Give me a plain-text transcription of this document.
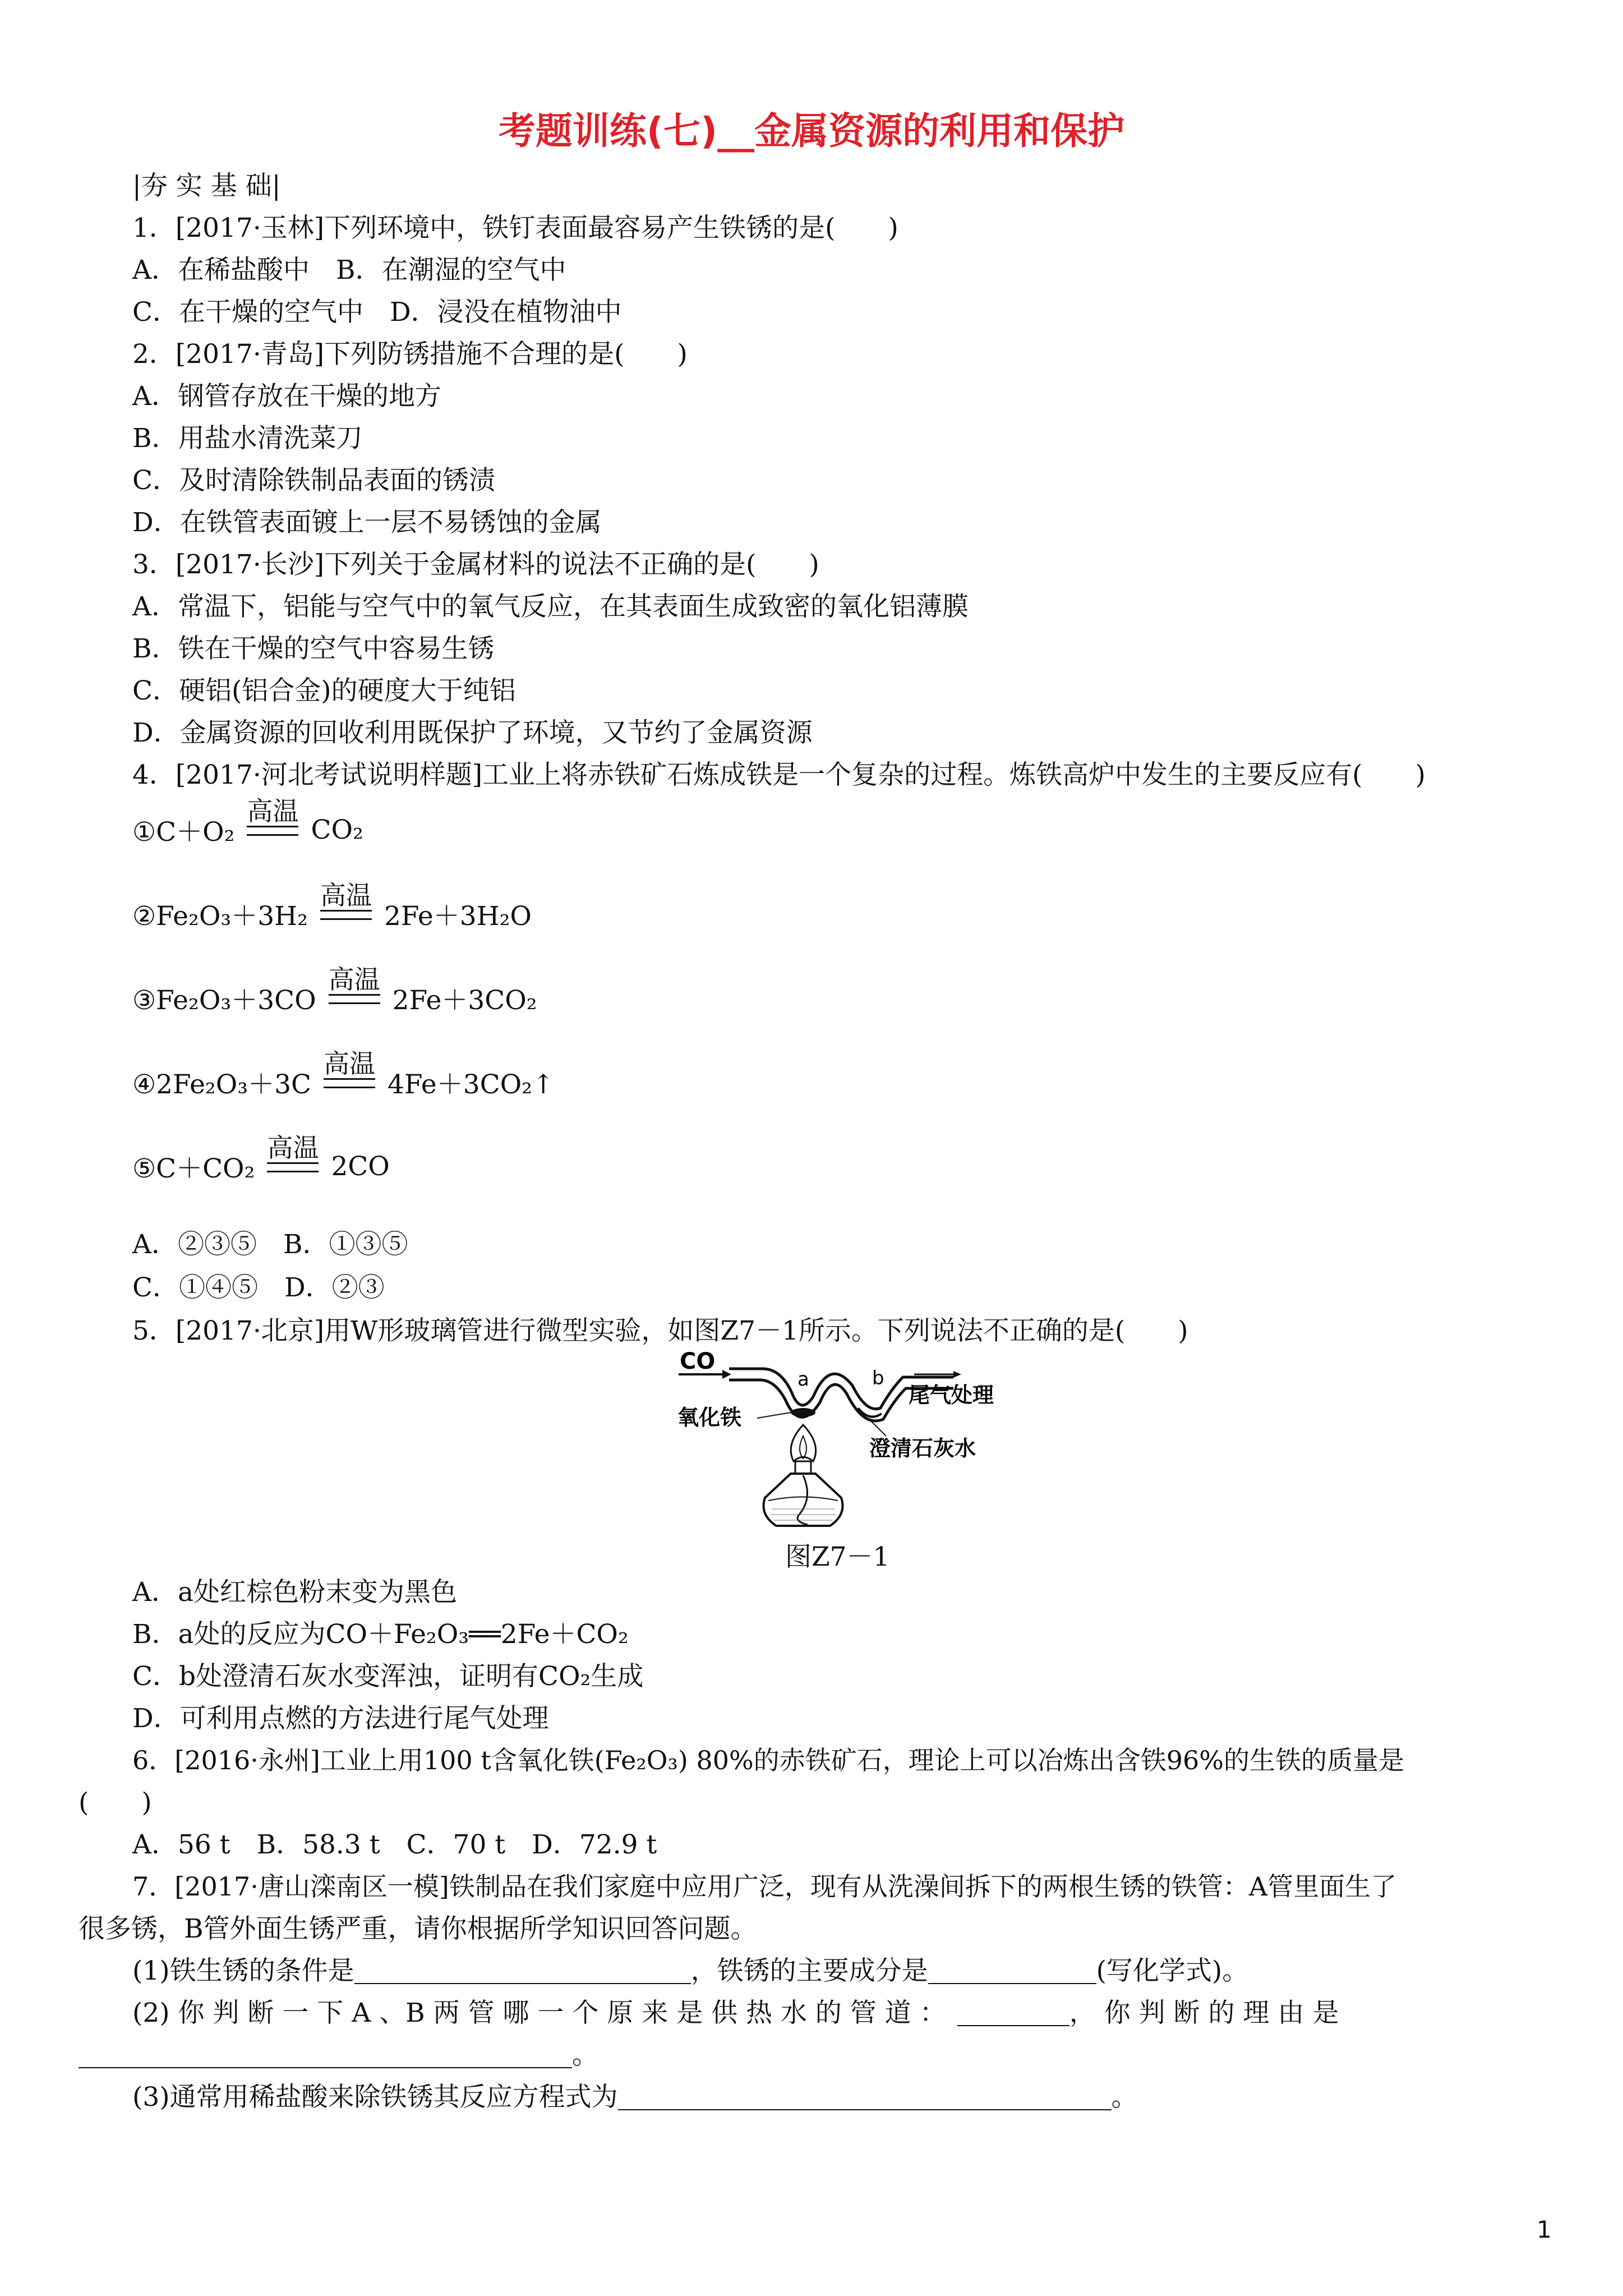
考题训练(七)__金属资源的利用和保护
|夯 实 基 础|
1．[2017·玉林]下列环境中，铁钉表面最容易产生铁锈的是(　　)
A．在稀盐酸中　B．在潮湿的空气中
C．在干燥的空气中　D．浸没在植物油中
2．[2017·青岛]下列防锈措施不合理的是(　　)
A．钢管存放在干燥的地方
B．用盐水清洗菜刀
C．及时清除铁制品表面的锈渍
D．在铁管表面镀上一层不易锈蚀的金属
3．[2017·长沙]下列关于金属材料的说法不正确的是(　　)
A．常温下，铝能与空气中的氧气反应，在其表面生成致密的氧化铝薄膜
B．铁在干燥的空气中容易生锈
C．硬铝(铝合金)的硬度大于纯铝
D．金属资源的回收利用既保护了环境，又节约了金属资源
4．[2017·河北考试说明样题]工业上将赤铁矿石炼成铁是一个复杂的过程。炼铁高炉中发生的主要反应有(　　)
①C＋O₂
高温
CO₂
②Fe₂O₃＋3H₂
高温
2Fe＋3H₂O
③Fe₂O₃＋3CO
高温
2Fe＋3CO₂
④2Fe₂O₃＋3C
高温
4Fe＋3CO₂↑
⑤C＋CO₂
高温
2CO
A．②③⑤　B．①③⑤
C．①④⑤　D．②③
5．[2017·北京]用W形玻璃管进行微型实验，如图Z7－1所示。下列说法不正确的是(　　)
CO
a	b
尾气处理
氧化铁
澄清石灰水
图Z7－1
A．a处红棕色粉末变为黑色
B．a处的反应为CO＋Fe₂O₃══2Fe＋CO₂
C．b处澄清石灰水变浑浊，证明有CO₂生成
D．可利用点燃的方法进行尾气处理
6．[2016·永州]工业上用100 t含氧化铁(Fe₂O₃) 80%的赤铁矿石，理论上可以冶炼出含铁96%的生铁的质量是
(　　)
A．56 t　B．58.3 t　C．70 t　D．72.9 t
7．[2017·唐山滦南区一模]铁制品在我们家庭中应用广泛，现有从洗澡间拆下的两根生锈的铁管：A管里面生了
很多锈，B管外面生锈严重，请你根据所学知识回答问题。
(1)铁生锈的条件是	，铁锈的主要成分是	(写化学式)。
(2) 你 判 断 一 下 A 、B 两 管 哪 一 个 原 来 是 供 热 水 的 管 道 ：	， 你 判 断 的 理 由 是
。
(3)通常用稀盐酸来除铁锈其反应方程式为	。
1
